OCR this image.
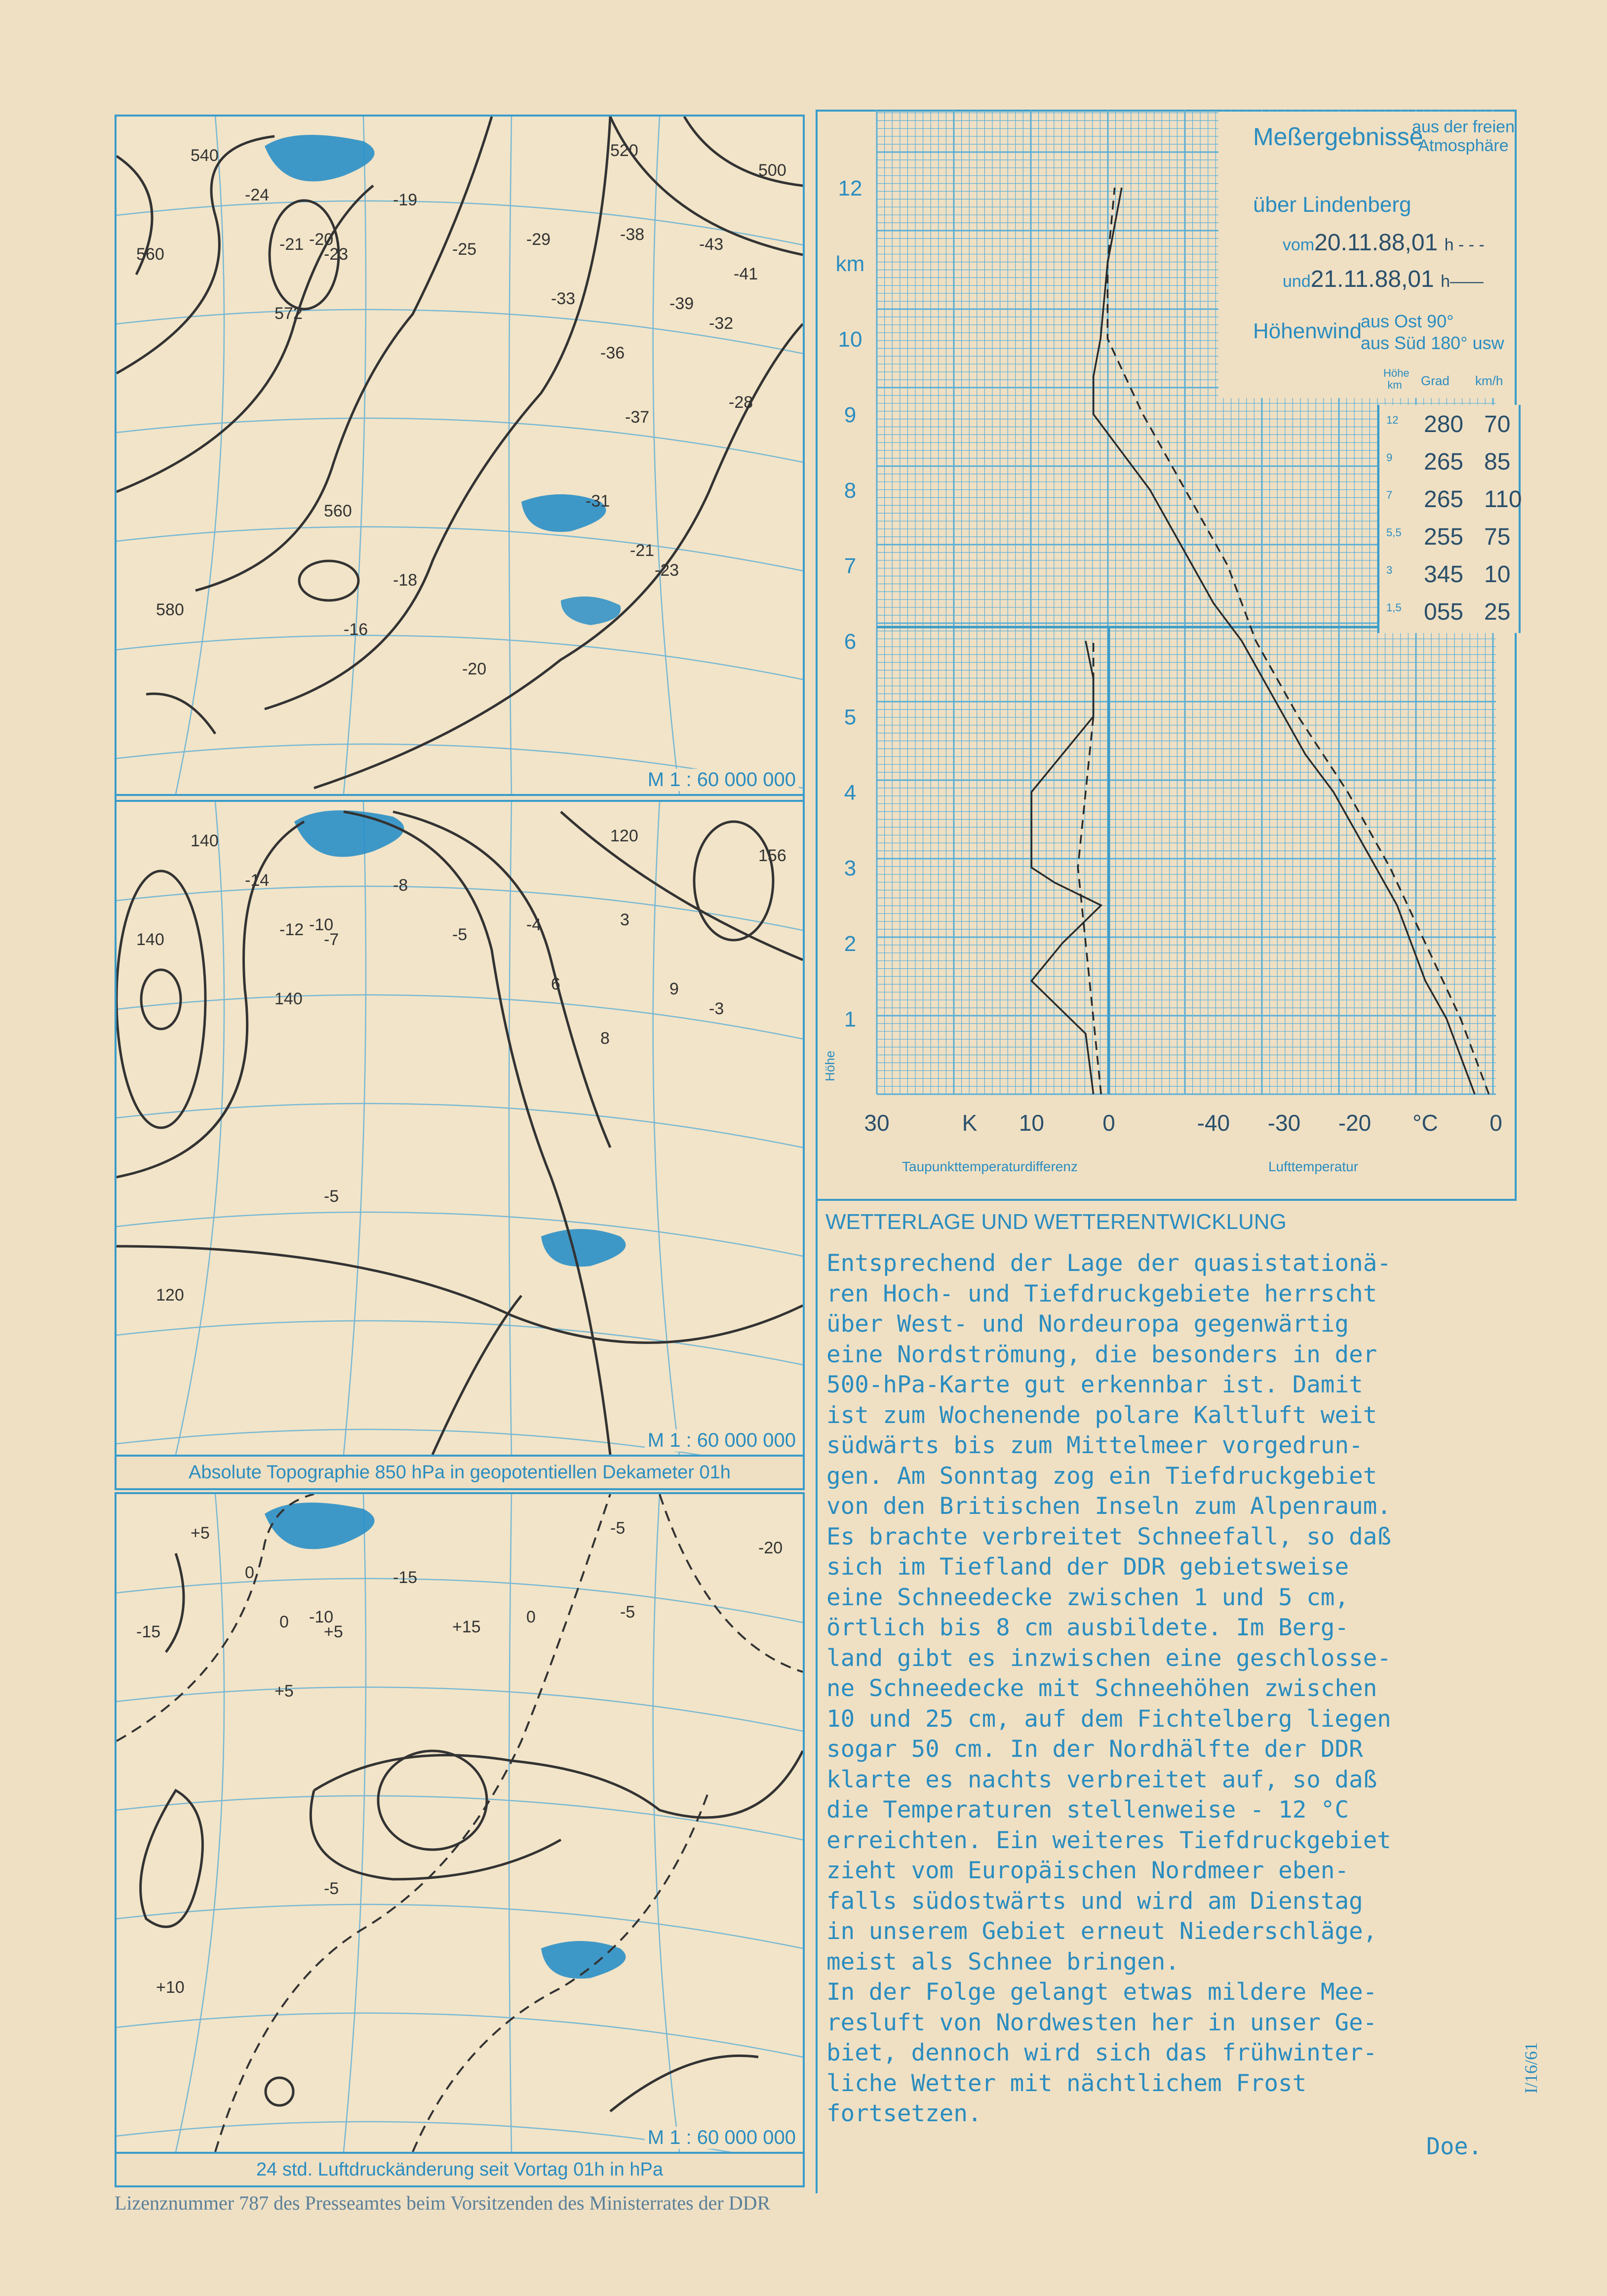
M 1 : 60 000 000
540	520
500
560
572
580
560
-24
-21 -20
-19
-23	-25
-29	-38
-33
-36
-39
-32
-43
-41
-37
-31
-28
-21
-23
-18
-16
-20
M 1 : 60 000 000
140	120
156
140
140
120
-5
-14
-12 -10
-8
-7	-5
-4	3
6
8
9
-3
Absolute Topographie 850 hPa in geopotentiellen Dekameter 01h
M 1 : 60 000 000
+5	-5
-20
-15
+5
+10
-5
0
0 -10
-15
+5	+15
0	-5
24 std. Luftdruckänderung seit Vortag 01h in hPa
1
2
3
4
5
6
7
8
9
10
km
12
Höhe
30	K 10	0	-40 -30 -20 °C 0
Taupunkttemperaturdifferenz	Lufttemperatur
Meßergebnisse
aus der freien Atmosphäre
über Lindenberg
vom20.11.88,01 h - - -
und21.11.88,01 h——
Höhenwind
aus Ost 90°
aus Süd 180° usw
Höhe km	Grad km/h
12 280 70
9 265 85
7 265 110
5,5 255 75
3 345 10
1,5 055 25
WETTERLAGE UND WETTERENTWICKLUNG
Entsprechend der Lage der quasistationä-
ren Hoch- und Tiefdruckgebiete herrscht
über West- und Nordeuropa gegenwärtig
eine Nordströmung, die besonders in der
500-hPa-Karte gut erkennbar ist. Damit
ist zum Wochenende polare Kaltluft weit
südwärts bis zum Mittelmeer vorgedrun-
gen. Am Sonntag zog ein Tiefdruckgebiet
von den Britischen Inseln zum Alpenraum.
Es brachte verbreitet Schneefall, so daß
sich im Tiefland der DDR gebietsweise
eine Schneedecke zwischen 1 und 5 cm,
örtlich bis 8 cm ausbildete. Im Berg-
land gibt es inzwischen eine geschlosse-
ne Schneedecke mit Schneehöhen zwischen
10 und 25 cm, auf dem Fichtelberg liegen
sogar 50 cm. In der Nordhälfte der DDR
klarte es nachts verbreitet auf, so daß
die Temperaturen stellenweise - 12 °C
erreichten. Ein weiteres Tiefdruckgebiet
zieht vom Europäischen Nordmeer eben-
falls südostwärts und wird am Dienstag
in unserem Gebiet erneut Niederschläge,
meist als Schnee bringen.
In der Folge gelangt etwas mildere Mee-
resluft von Nordwesten her in unser Ge-
biet, dennoch wird sich das frühwinter-
liche Wetter mit nächtlichem Frost
fortsetzen.
Doe.
Lizenznummer 787 des Presseamtes beim Vorsitzenden des Ministerrates der DDR
I/16/61
